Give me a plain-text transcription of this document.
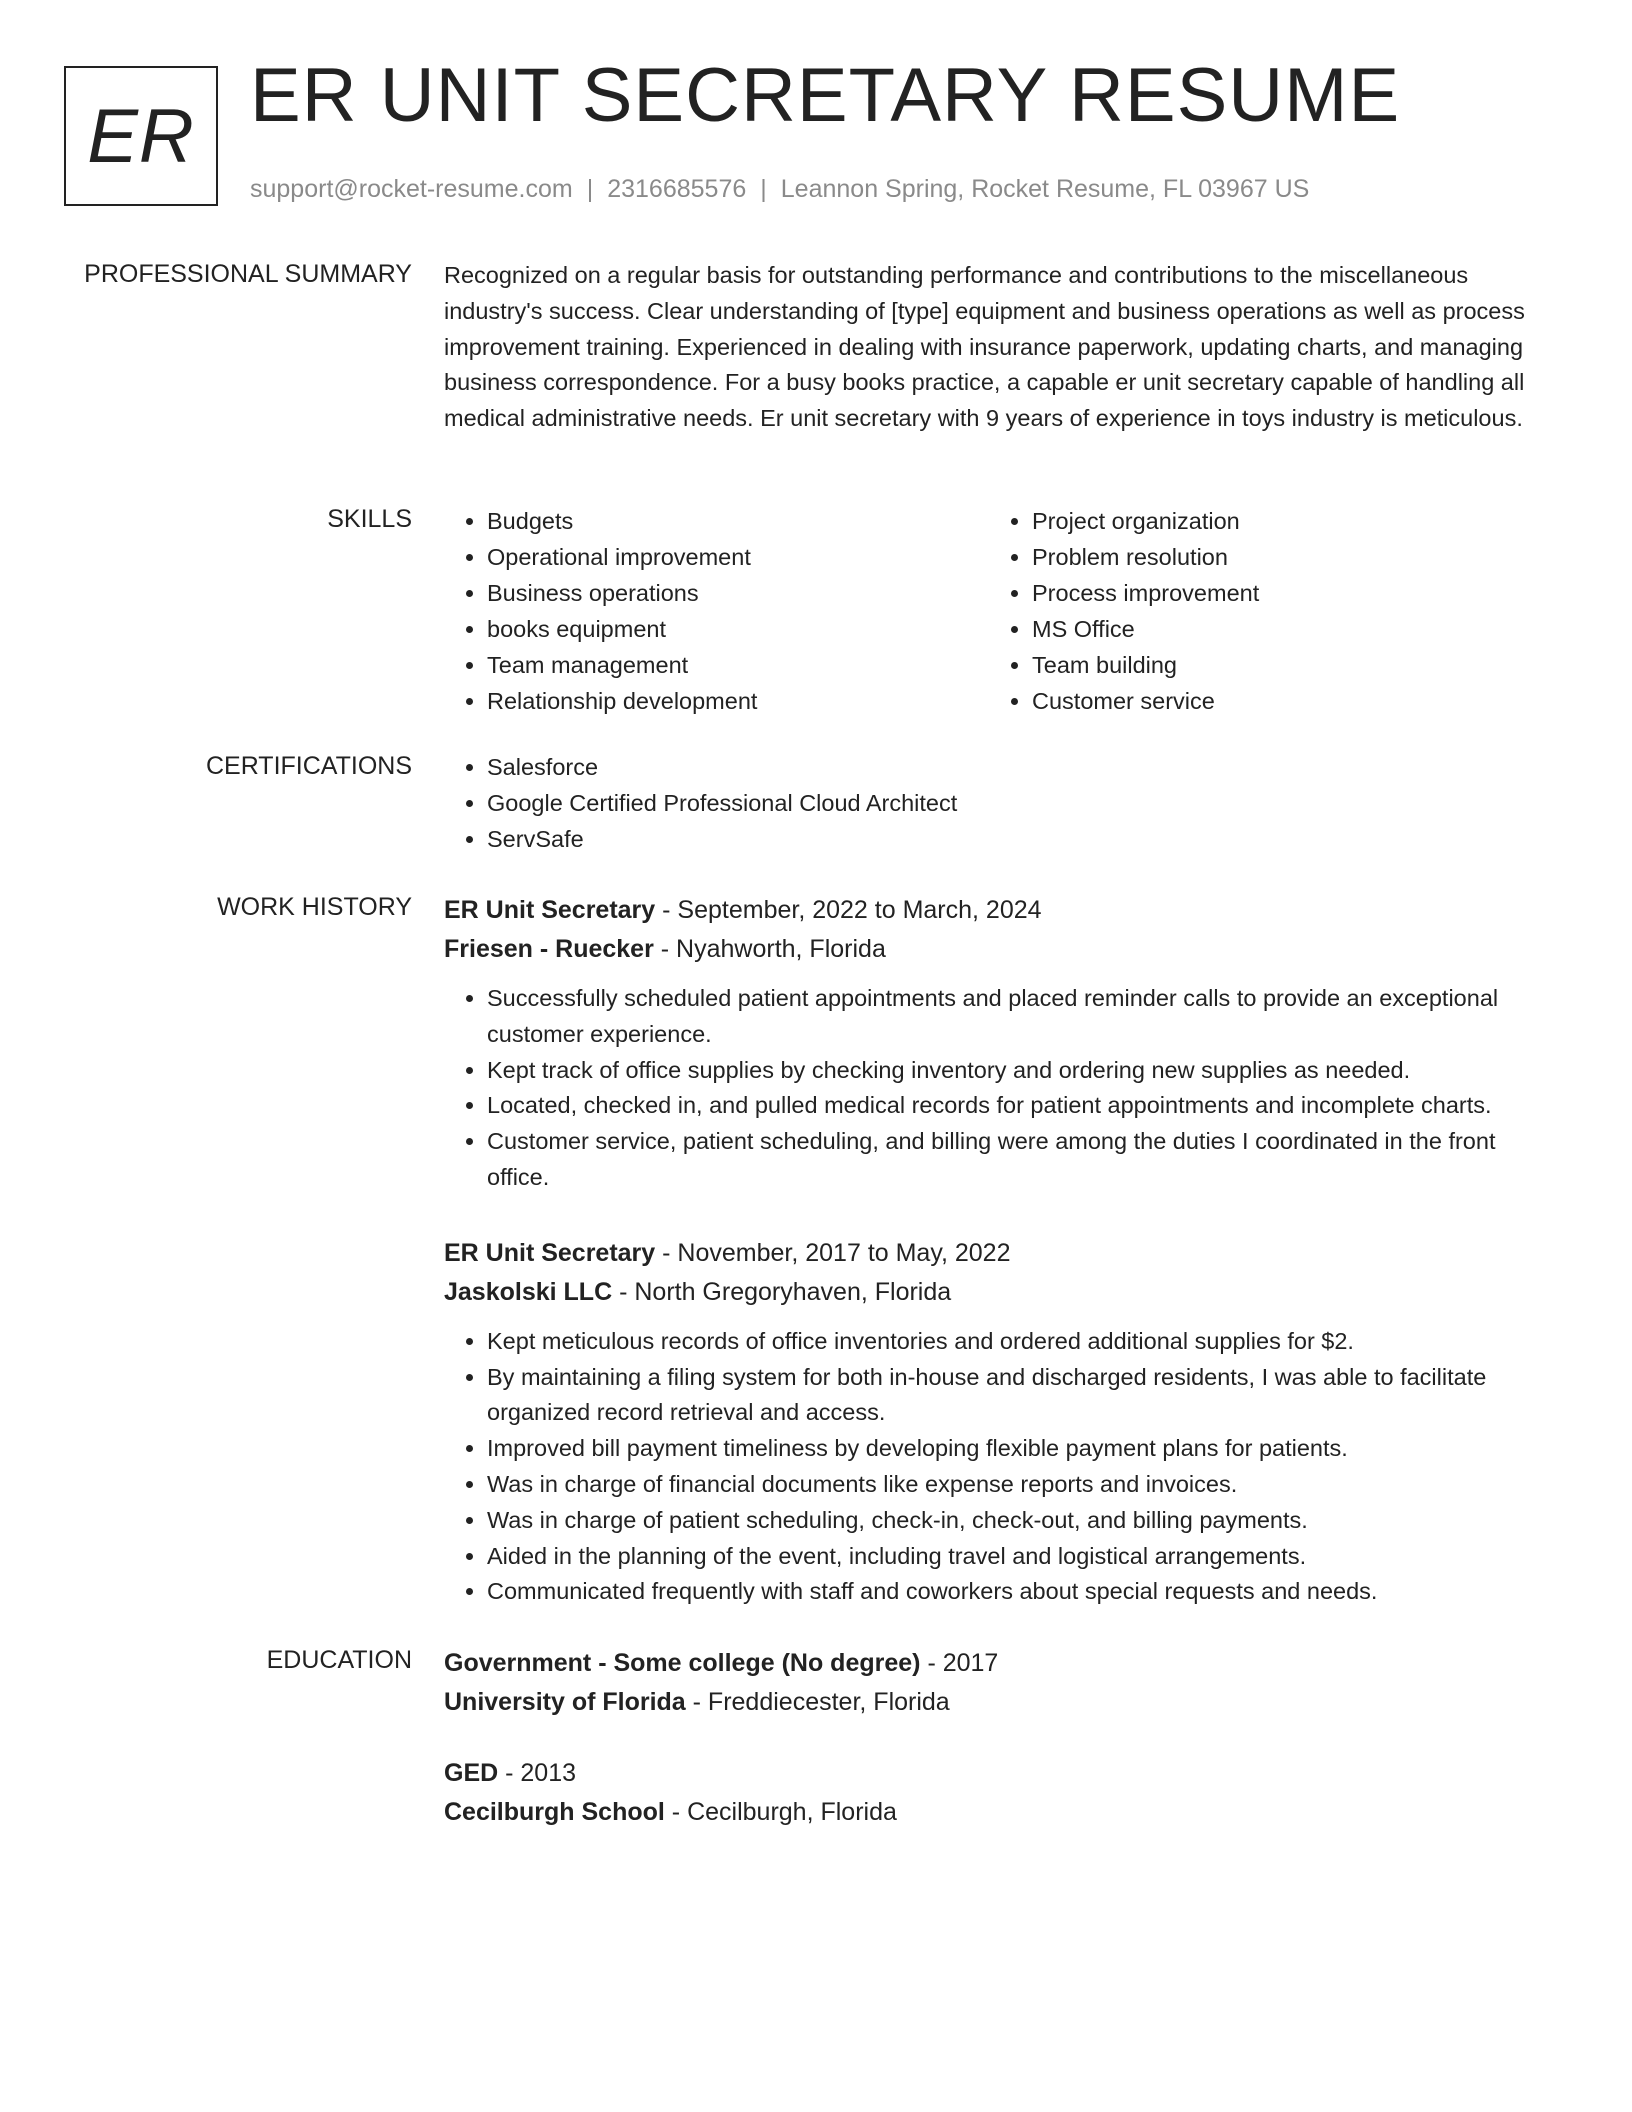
ER ER UNIT SECRETARY RESUME
support@rocket-resume.com | 2316685576 | Leannon Spring, Rocket Resume, FL 03967 US
PROFESSIONAL SUMMARY Recognized on a regular basis for outstanding performance and contributions to the miscellaneous industry's success. Clear understanding of [type] equipment and business operations as well as process improvement training. Experienced in dealing with insurance paperwork, updating charts, and managing business correspondence. For a busy books practice, a capable er unit secretary capable of handling all medical administrative needs. Er unit secretary with 9 years of experience in toys industry is meticulous.

SKILLS	• Budgets
• Operational improvement
• Business operations
• books equipment
• Team management
• Relationship development
• Project organization
• Problem resolution
• Process improvement
• MS Office
• Team building
• Customer service
CERTIFICATIONS	• Salesforce
• Google Certified Professional Cloud Architect
• ServSafe
WORK HISTORY ER Unit Secretary - September, 2022 to March, 2024
Friesen - Ruecker - Nyahworth, Florida
• Successfully scheduled patient appointments and placed reminder calls to provide an exceptional customer experience.
• Kept track of office supplies by checking inventory and ordering new supplies as needed.
• Located, checked in, and pulled medical records for patient appointments and incomplete charts.
• Customer service, patient scheduling, and billing were among the duties I coordinated in the front office.
ER Unit Secretary - November, 2017 to May, 2022
Jaskolski LLC - North Gregoryhaven, Florida
• Kept meticulous records of office inventories and ordered additional supplies for $2.
• By maintaining a filing system for both in-house and discharged residents, I was able to facilitate organized record retrieval and access.
• Improved bill payment timeliness by developing flexible payment plans for patients.
• Was in charge of financial documents like expense reports and invoices.
• Was in charge of patient scheduling, check-in, check-out, and billing payments.
• Aided in the planning of the event, including travel and logistical arrangements.
• Communicated frequently with staff and coworkers about special requests and needs.
EDUCATION Government - Some college (No degree) - 2017
University of Florida - Freddiecester, Florida
GED - 2013
Cecilburgh School - Cecilburgh, Florida
